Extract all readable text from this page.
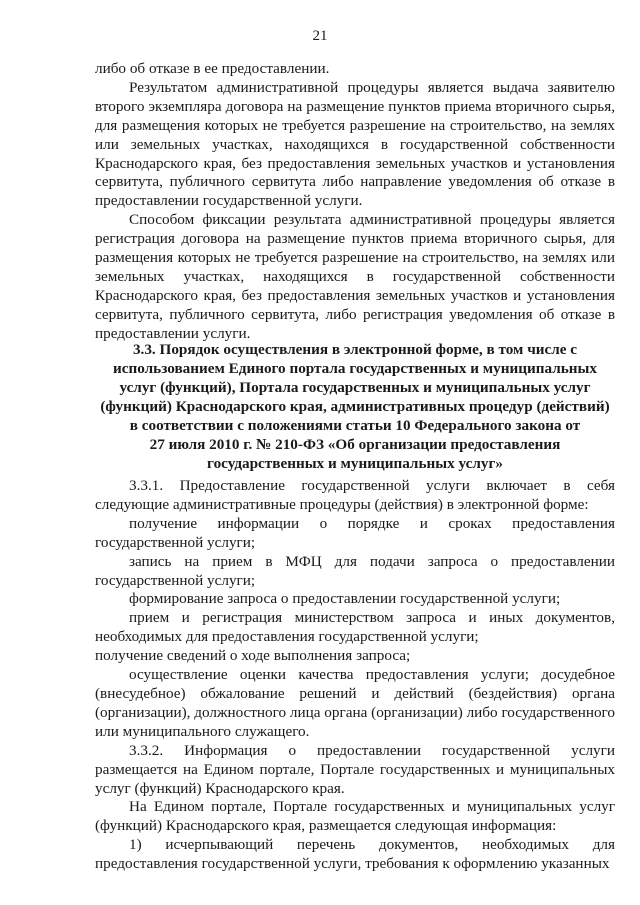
21

либо об отказе в ее предоставлении.

Результатом административной процедуры является выдача заявителю второго экземпляра договора на размещение пунктов приема вторичного сырья, для размещения которых не требуется разрешение на строительство, на землях или земельных участках, находящихся в государственной собственности Краснодарского края, без предоставления земельных участков и установления сервитута, публичного сервитута либо направление уведомления об отказе в предоставлении государственной услуги.

Способом фиксации результата административной процедуры является регистрация договора на размещение пунктов приема вторичного сырья, для размещения которых не требуется разрешение на строительство, на землях или земельных участках, находящихся в государственной собственности Краснодарского края, без предоставления земельных участков и установления сервитута, публичного сервитута, либо регистрация уведомления об отказе в предоставлении услуги.

3.3. Порядок осуществления в электронной форме, в том числе с

использованием Единого портала государственных и муниципальных

услуг (функций), Портала государственных и муниципальных услуг

(функций) Краснодарского края, административных процедур (действий)

в соответствии с положениями статьи 10 Федерального закона от

27 июля 2010 г. № 210-ФЗ «Об организации предоставления

государственных и муниципальных услуг»

3.3.1. Предоставление государственной услуги включает в себя следующие административные процедуры (действия) в электронной форме:

получение информации о порядке и сроках предоставления государственной услуги;

запись на прием в МФЦ для подачи запроса о предоставлении государственной услуги;

формирование запроса о предоставлении государственной услуги;

прием и регистрация министерством запроса и иных документов, необходимых для предоставления государственной услуги;

получение сведений о ходе выполнения запроса;

осуществление оценки качества предоставления услуги; досудебное (внесудебное) обжалование решений и действий (бездействия) органа (организации), должностного лица органа (организации) либо государственного или муниципального служащего.

3.3.2. Информация о предоставлении государственной услуги размещается на Едином портале, Портале государственных и муниципальных услуг (функций) Краснодарского края.

На Едином портале, Портале государственных и муниципальных услуг (функций) Краснодарского края, размещается следующая информация:

1) исчерпывающий перечень документов, необходимых для предоставления государственной услуги, требования к оформлению указанных
